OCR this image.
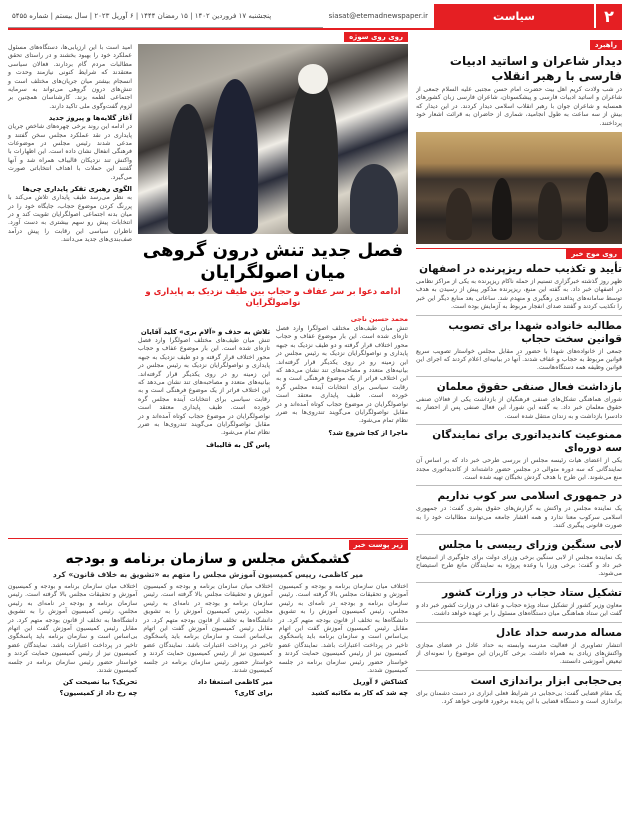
۲
سیاست
siasat@etemadnewspaper.ir
پنجشنبه ۱۷ فروردین ۱۴۰۲ | ۱۵ رمضان ۱۴۴۴ | ۶ آوریل ۲۰۲۳ | سال بیستم | شماره ۵۴۵۵
راهبرد
دیدار شاعران و اساتید ادبیات فارسی با رهبر انقلاب
در شب ولادت کریم اهل بیت حضرت امام حسن مجتبی علیه السلام جمعی از شاعران و اساتید ادبیات فارسی و پیشکسوتان، شاعران فارسی زبان کشورهای همسایه و شاعران جوان با رهبر انقلاب اسلامی دیدار کردند. در این دیدار که بیش از سه ساعت به طول انجامید، شماری از حاضران به قرائت اشعار خود پرداختند.
روی موج خبر
تأیید و تکذیب حمله ریزپرنده در اصفهان
ظهر روز گذشته خبرگزاری تسنیم از حمله ناکام ریزپرنده به یکی از مراکز نظامی در اصفهان خبر داد. به گفته این منبع، ریزپرنده مذکور پیش از رسیدن به هدف توسط سامانه‌های پدافندی رهگیری و منهدم شد. ساعاتی بعد منابع دیگر این خبر را تکذیب کردند و گفتند صدای انفجار مربوط به آزمایش بوده است.
مطالبه خانواده شهدا برای تصویب قوانین سخت حجاب
جمعی از خانواده‌های شهدا با حضور در مقابل مجلس خواستار تصویب سریع قوانین مربوط به حجاب و عفاف شدند. آنها در بیانیه‌ای اعلام کردند که اجرای این قوانین وظیفه همه دستگاه‌هاست.
بازداشت فعال صنفی حقوق معلمان
شورای هماهنگی تشکل‌های صنفی فرهنگیان از بازداشت یکی از فعالان صنفی حقوق معلمان خبر داد. به گفته این شورا، این فعال صنفی پس از احضار به دادسرا بازداشت و به زندان منتقل شده است.
ممنوعیت کاندیداتوری برای نمایندگان سه دوره‌ای
یکی از اعضای هیات رئیسه مجلس از بررسی طرحی خبر داد که بر اساس آن نمایندگانی که سه دوره متوالی در مجلس حضور داشته‌اند از کاندیداتوری مجدد منع می‌شوند. این طرح با هدف گردش نخبگان تهیه شده است.
در جمهوری اسلامی سر کوب نداریم
یک نماینده مجلس در واکنش به گزارش‌های حقوق بشری گفت: در جمهوری اسلامی سرکوب معنا ندارد و همه اقشار جامعه می‌توانند مطالبات خود را به صورت قانونی پیگیری کنند.
لابی سنگین وزرای رییسی با مجلس
یک نماینده مجلس از لابی سنگین برخی وزرای دولت برای جلوگیری از استیضاح خبر داد و گفت: برخی وزرا با وعده پروژه به نمایندگان مانع طرح استیضاح می‌شوند.
تشکیل ستاد حجاب در وزارت کشور
معاون وزیر کشور از تشکیل ستاد ویژه حجاب و عفاف در وزارت کشور خبر داد و گفت این ستاد هماهنگی میان دستگاه‌های مسئول را بر عهده خواهد داشت.
مساله مدرسه حداد عادل
انتشار تصاویری از فعالیت مدرسه وابسته به حداد عادل در فضای مجازی واکنش‌های زیادی به همراه داشت. برخی کاربران این موضوع را نمونه‌ای از تبعیض آموزشی دانستند.
بی‌حجابی ابزار براندازی است
یک مقام قضایی گفت: بی‌حجابی در شرایط فعلی ابزاری در دست دشمنان برای براندازی است و دستگاه قضایی با این پدیده برخورد قانونی خواهد کرد.
روی روی سوژه
فصل جدید تنش درون گروهی میان اصولگرایان
ادامه دعوا بر سر عفاف و حجاب بین طیف نزدیک به پایداری و نواصولگرایان
امید است با این ارزیابی‌ها، دستگاه‌های مسئول عملکرد خود را بهبود بخشند و در راستای تحقق مطالبات مردم گام بردارند. فعالان سیاسی معتقدند که شرایط کنونی نیازمند وحدت و انسجام بیشتر میان جریان‌های مختلف است و تنش‌های درون گروهی می‌تواند به سرمایه اجتماعی لطمه بزند. کارشناسان همچنین بر لزوم گفت‌وگوی ملی تاکید دارند.
آغاز گلایه‌ها و پیروز جدید
در ادامه این روند برخی چهره‌های شاخص جریان پایداری در نقد عملکرد مجلس سخن گفتند و مدعی شدند رئیس مجلس در موضوعات فرهنگی انفعال نشان داده است. این اظهارات با واکنش تند نزدیکان قالیباف همراه شد و آنها گفتند این حملات با اهداف انتخاباتی صورت می‌گیرد.
الگوی رهبری تفکر پایداری چی‌ها
به نظر می‌رسد طیف پایداری تلاش می‌کند با پررنگ کردن موضوع حجاب، جایگاه خود را در میان بدنه اجتماعی اصولگرایان تقویت کند و در انتخابات پیش رو سهم بیشتری به دست آورد. ناظران سیاسی این رقابت را پیش درآمد صف‌بندی‌های جدید می‌دانند.
محمد حسین ناجی
تنش میان طیف‌های مختلف اصولگرا وارد فصل تازه‌ای شده است. این بار موضوع عفاف و حجاب محور اختلاف قرار گرفته و دو طیف نزدیک به جبهه پایداری و نواصولگرایان نزدیک به رئیس مجلس در این زمینه رو در روی یکدیگر قرار گرفته‌اند. بیانیه‌های متعدد و مصاحبه‌های تند نشان می‌دهد که این اختلاف فراتر از یک موضوع فرهنگی است و به رقابت سیاسی برای انتخابات آینده مجلس گره خورده است. طیف پایداری معتقد است نواصولگرایان در موضوع حجاب کوتاه آمده‌اند و در مقابل نواصولگرایان می‌گویند تندروی‌ها به ضرر نظام تمام می‌شود.
ماجرا از کجا شروع شد؟
تلاش به حذف و «آلام بری» کلید آقایان
تنش میان طیف‌های مختلف اصولگرا وارد فصل تازه‌ای شده است. این بار موضوع عفاف و حجاب محور اختلاف قرار گرفته و دو طیف نزدیک به جبهه پایداری و نواصولگرایان نزدیک به رئیس مجلس در این زمینه رو در روی یکدیگر قرار گرفته‌اند. بیانیه‌های متعدد و مصاحبه‌های تند نشان می‌دهد که این اختلاف فراتر از یک موضوع فرهنگی است و به رقابت سیاسی برای انتخابات آینده مجلس گره خورده است. طیف پایداری معتقد است نواصولگرایان در موضوع حجاب کوتاه آمده‌اند و در مقابل نواصولگرایان می‌گویند تندروی‌ها به ضرر نظام تمام می‌شود.
پاس گل به قالیباف
زیر پوست خبر
کشمکش مجلس و سازمان برنامه و بودجه
میر کاظمی، رییس کمیسیون آموزش مجلس را متهم به «تشویق به خلاف قانون» کرد
اختلاف میان سازمان برنامه و بودجه و کمیسیون آموزش و تحقیقات مجلس بالا گرفته است. رئیس سازمان برنامه و بودجه در نامه‌ای به رئیس مجلس، رئیس کمیسیون آموزش را به تشویق دانشگاه‌ها به تخلف از قانون بودجه متهم کرد. در مقابل رئیس کمیسیون آموزش گفت این اتهام بی‌اساس است و سازمان برنامه باید پاسخگوی تاخیر در پرداخت اعتبارات باشد. نمایندگان عضو کمیسیون نیز از رئیس کمیسیون حمایت کردند و خواستار حضور رئیس سازمان برنامه در جلسه کمیسیون شدند.
کشاکش ۶ آوریل
چه شد که کار به مکاتبه کشید
اختلاف میان سازمان برنامه و بودجه و کمیسیون آموزش و تحقیقات مجلس بالا گرفته است. رئیس سازمان برنامه و بودجه در نامه‌ای به رئیس مجلس، رئیس کمیسیون آموزش را به تشویق دانشگاه‌ها به تخلف از قانون بودجه متهم کرد. در مقابل رئیس کمیسیون آموزش گفت این اتهام بی‌اساس است و سازمان برنامه باید پاسخگوی تاخیر در پرداخت اعتبارات باشد. نمایندگان عضو کمیسیون نیز از رئیس کمیسیون حمایت کردند و خواستار حضور رئیس سازمان برنامه در جلسه کمیسیون شدند.
میر کاظمی استعفا داد
برای کاری؟
اختلاف میان سازمان برنامه و بودجه و کمیسیون آموزش و تحقیقات مجلس بالا گرفته است. رئیس سازمان برنامه و بودجه در نامه‌ای به رئیس مجلس، رئیس کمیسیون آموزش را به تشویق دانشگاه‌ها به تخلف از قانون بودجه متهم کرد. در مقابل رئیس کمیسیون آموزش گفت این اتهام بی‌اساس است و سازمان برنامه باید پاسخگوی تاخیر در پرداخت اعتبارات باشد. نمایندگان عضو کمیسیون نیز از رئیس کمیسیون حمایت کردند و خواستار حضور رئیس سازمان برنامه در جلسه کمیسیون شدند.
تحریک؟ بیا نصیحت کن
چه رخ داد از کمیسیون؟
